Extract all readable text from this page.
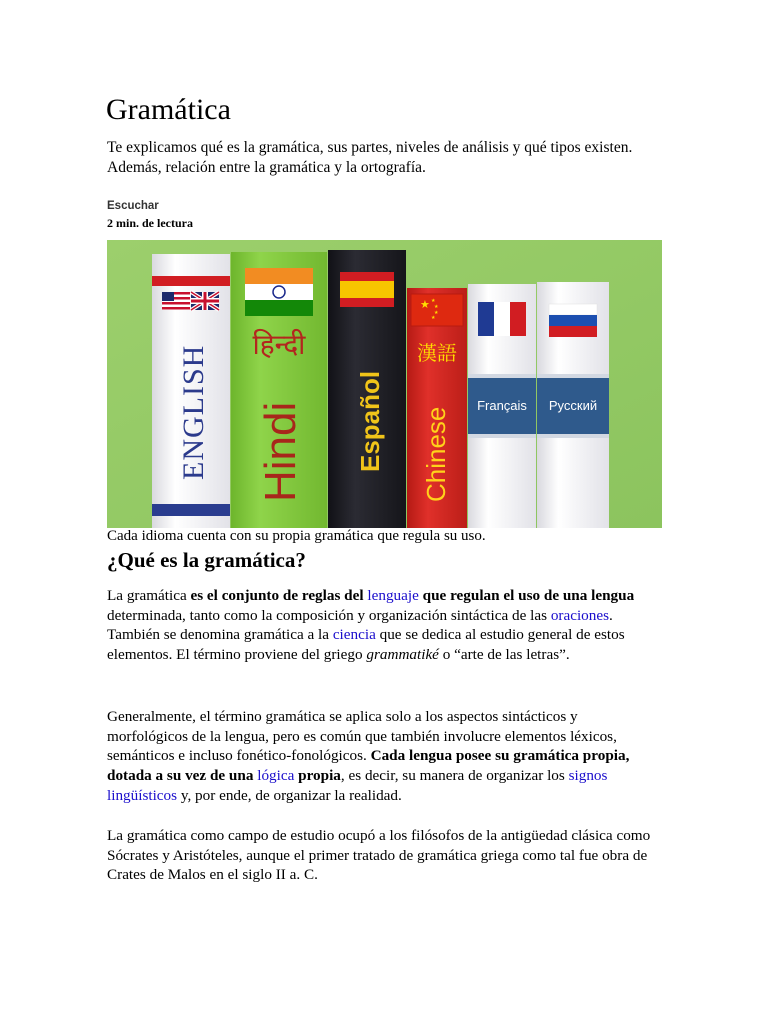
Gramática

Te explicamos qué es la gramática, sus partes, niveles de análisis y qué tipos existen. Además, relación entre la gramática y la ortografía.

Escuchar
2 min. de lectura
ENGLISH
हिन्दी
Hindi Español
★ ★
★
★
★
漢語
Chinese
Français Русский
Cada idioma cuenta con su propia gramática que regula su uso.
¿Qué es la gramática?

La gramática es el conjunto de reglas del lenguaje que regulan el uso de una lengua determinada, tanto como la composición y organización sintáctica de las oraciones. También se denomina gramática a la ciencia que se dedica al estudio general de estos elementos. El término proviene del griego grammatiké o “arte de las letras”.

Generalmente, el término gramática se aplica solo a los aspectos sintácticos y morfológicos de la lengua, pero es común que también involucre elementos léxicos, semánticos e incluso fonético-fonológicos. Cada lengua posee su gramática propia, dotada a su vez de una lógica propia, es decir, su manera de organizar los signos lingüísticos y, por ende, de organizar la realidad.

La gramática como campo de estudio ocupó a los filósofos de la antigüedad clásica como Sócrates y Aristóteles, aunque el primer tratado de gramática griega como tal fue obra de Crates de Malos en el siglo II a. C.
